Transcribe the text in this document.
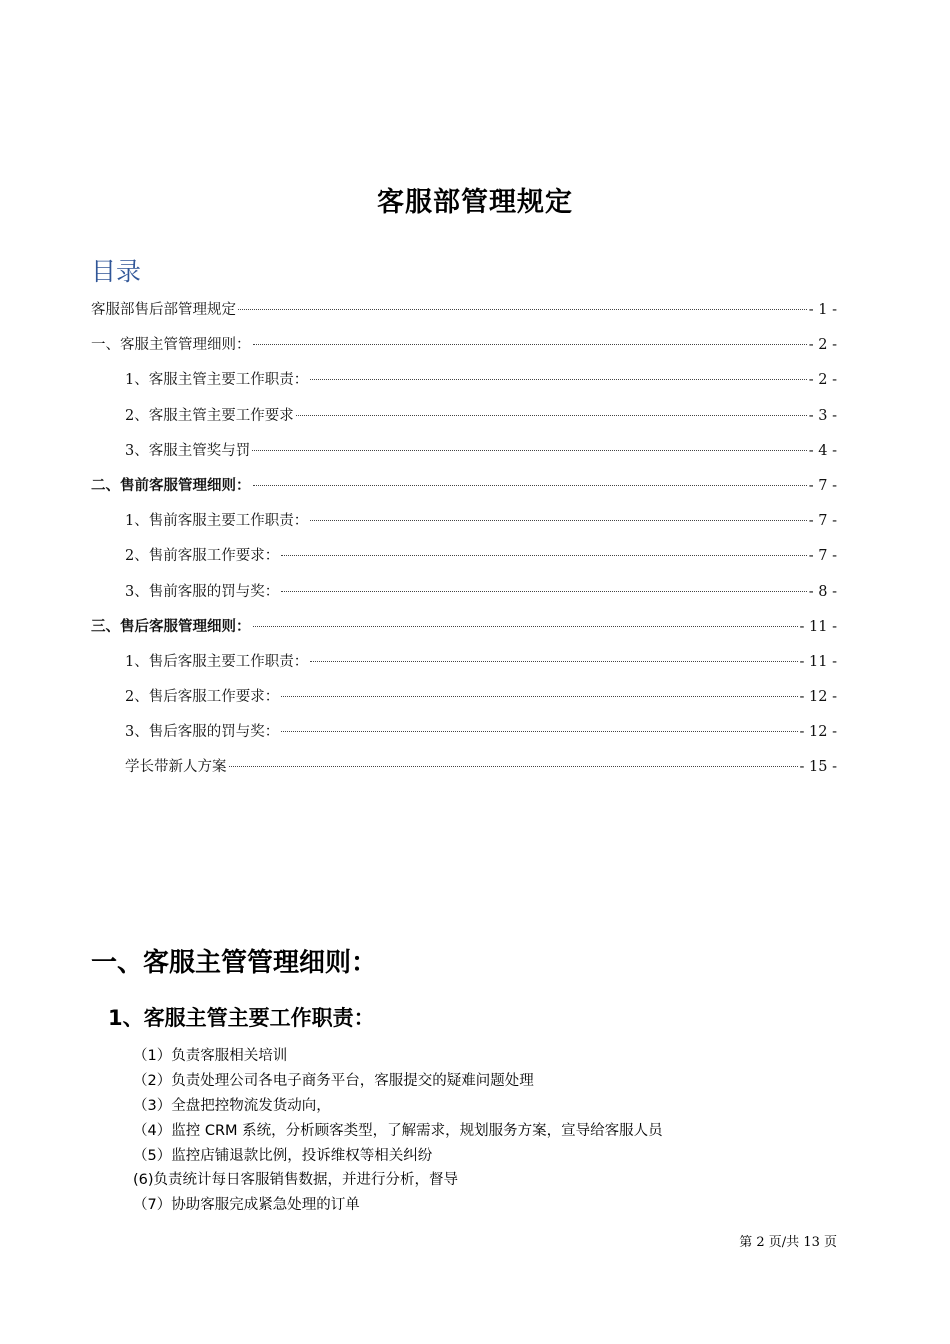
客服部管理规定
目录
客服部售后部管理规定	- 1 -
一、客服主管管理细则：	- 2 -
1、客服主管主要工作职责：	- 2 -
2、客服主管主要工作要求	- 3 -
3、客服主管奖与罚	- 4 -
二、售前客服管理细则：	- 7 -
1、售前客服主要工作职责：	- 7 -
2、售前客服工作要求：	- 7 -
3、售前客服的罚与奖：	- 8 -
三、售后客服管理细则：	- 11 -
1、售后客服主要工作职责：	- 11 -
2、售后客服工作要求：	- 12 -
3、售后客服的罚与奖：	- 12 -
学长带新人方案	- 15 -
一、客服主管管理细则：
1、客服主管主要工作职责：
（1）负责客服相关培训
（2）负责处理公司各电子商务平台，客服提交的疑难问题处理
（3）全盘把控物流发货动向，
（4）监控 CRM 系统，分析顾客类型，了解需求，规划服务方案，宣导给客服人员
（5）监控店铺退款比例，投诉维权等相关纠纷
(6)负责统计每日客服销售数据，并进行分析，督导
（7）协助客服完成紧急处理的订单
第 2 页/共 13 页
